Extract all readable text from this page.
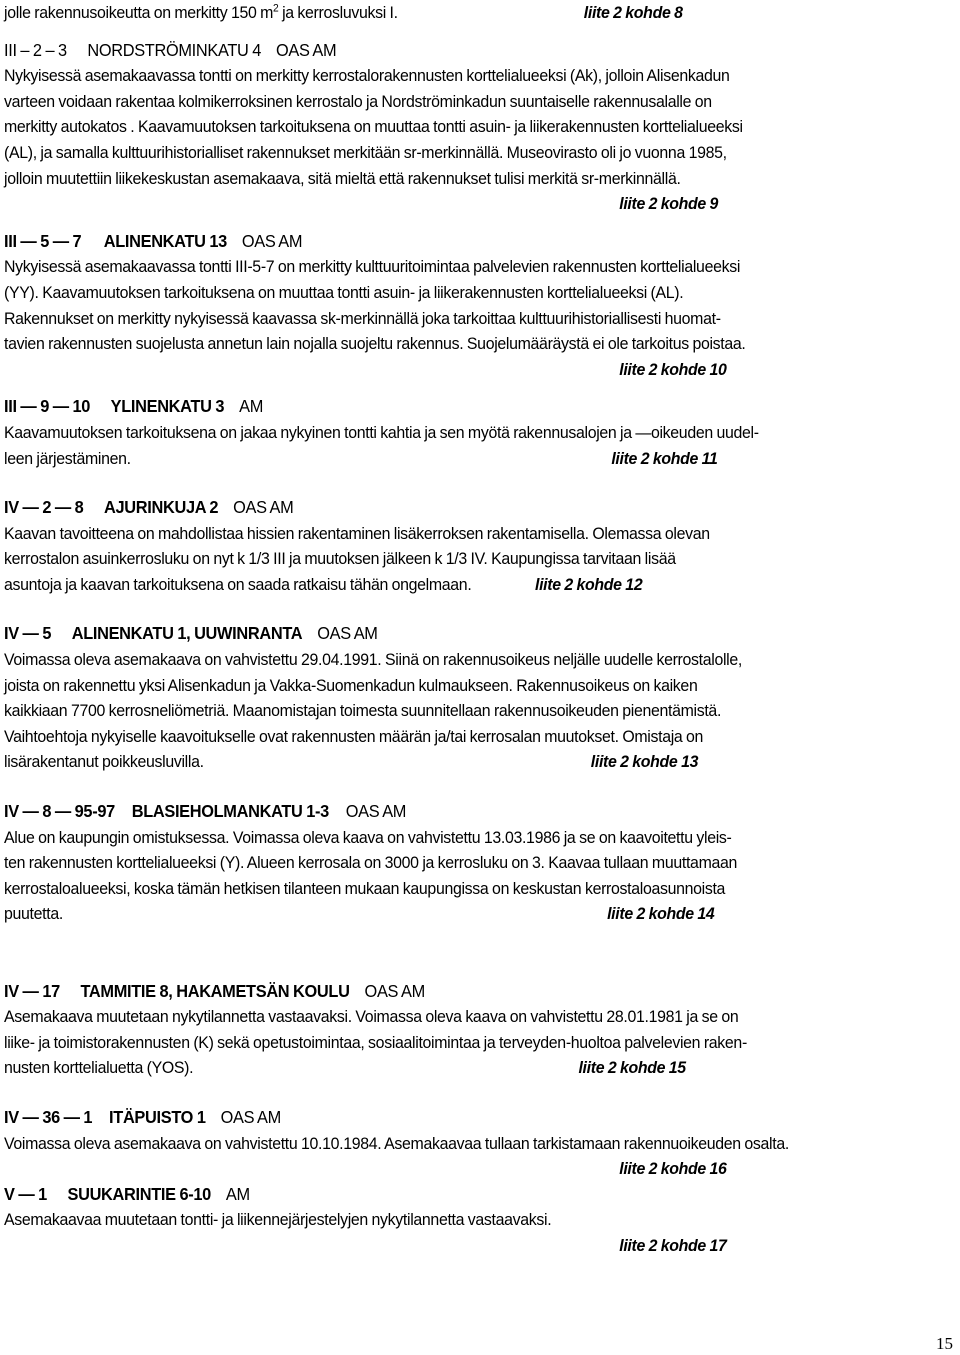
jolle rakennusoikeutta on merkitty 150 $m^2$ ja kerrosluvuksi I.	liite 2 kohde 8
III – 2 – 3 NORDSTRÖMINKATU 4 OAS AM
Nykyisessä asemakaavassa tontti on merkitty kerrostalorakennusten korttelialueeksi (Ak), jolloin Alisenkadun
varteen voidaan rakentaa kolmikerroksinen kerrostalo ja Nordströminkadun suuntaiselle rakennusalalle on
merkitty autokatos . Kaavamuutoksen tarkoituksena on muuttaa tontti asuin- ja liikerakennusten korttelialueeksi
(AL), ja samalla kulttuurihistorialliset rakennukset merkitään sr-merkinnällä. Museovirasto oli jo vuonna 1985,
jolloin muutettiin liikekeskustan asemakaava, sitä mieltä että rakennukset tulisi merkitä sr-merkinnällä.
liite 2 kohde 9
III — 5 — 7 ALINENKATU 13 OAS AM
Nykyisessä asemakaavassa tontti III-5-7 on merkitty kulttuuritoimintaa palvelevien rakennusten korttelialueeksi
(YY). Kaavamuutoksen tarkoituksena on muuttaa tontti asuin- ja liikerakennusten korttelialueeksi (AL).
Rakennukset on merkitty nykyisessä kaavassa sk-merkinnällä joka tarkoittaa kulttuurihistoriallisesti huomat-
tavien rakennusten suojelusta annetun lain nojalla suojeltu rakennus. Suojelumääräystä ei ole tarkoitus poistaa.
liite 2 kohde 10
III — 9 — 10 YLINENKATU 3 AM
Kaavamuutoksen tarkoituksena on jakaa nykyinen tontti kahtia ja sen myötä rakennusalojen ja —oikeuden uudel-
leen järjestäminen.	liite 2 kohde 11
IV — 2 — 8 AJURINKUJA 2 OAS AM
Kaavan tavoitteena on mahdollistaa hissien rakentaminen lisäkerroksen rakentamisella. Olemassa olevan
kerrostalon asuinkerrosluku on nyt k 1/3 III ja muutoksen jälkeen k 1/3 IV. Kaupungissa tarvitaan lisää
asuntoja ja kaavan tarkoituksena on saada ratkaisu tähän ongelmaan.	liite 2 kohde 12
IV — 5 ALINENKATU 1, UUWINRANTA OAS AM
Voimassa oleva asemakaava on vahvistettu 29.04.1991. Siinä on rakennusoikeus neljälle uudelle kerrostalolle,
joista on rakennettu yksi Alisenkadun ja Vakka-Suomenkadun kulmaukseen. Rakennusoikeus on kaiken
kaikkiaan 7700 kerrosneliömetriä. Maanomistajan toimesta suunnitellaan rakennusoikeuden pienentämistä.
Vaihtoehtoja nykyiselle kaavoitukselle ovat rakennusten määrän ja/tai kerrosalan muutokset. Omistaja on
lisärakentanut poikkeusluvilla.	liite 2 kohde 13
IV — 8 — 95-97 BLASIEHOLMANKATU 1-3 OAS AM
Alue on kaupungin omistuksessa. Voimassa oleva kaava on vahvistettu 13.03.1986 ja se on kaavoitettu yleis-
ten rakennusten korttelialueeksi (Y). Alueen kerrosala on 3000 ja kerrosluku on 3. Kaavaa tullaan muuttamaan
kerrostaloalueeksi, koska tämän hetkisen tilanteen mukaan kaupungissa on keskustan kerrostaloasunnoista
puutetta.	liite 2 kohde 14
IV — 17 TAMMITIE 8, HAKAMETSÄN KOULU OAS AM
Asemakaava muutetaan nykytilannetta vastaavaksi. Voimassa oleva kaava on vahvistettu 28.01.1981 ja se on
liike- ja toimistorakennusten (K) sekä opetustoimintaa, sosiaalitoimintaa ja terveyden-huoltoa palvelevien raken-
nusten korttelialuetta (YOS).	liite 2 kohde 15
IV — 36 — 1 ITÄPUISTO 1 OAS AM
Voimassa oleva asemakaava on vahvistettu 10.10.1984. Asemakaavaa tullaan tarkistamaan rakennuoikeuden osalta.
liite 2 kohde 16
V — 1 SUUKARINTIE 6-10 AM
Asemakaavaa muutetaan tontti- ja liikennejärjestelyjen nykytilannetta vastaavaksi.
liite 2 kohde 17
15
